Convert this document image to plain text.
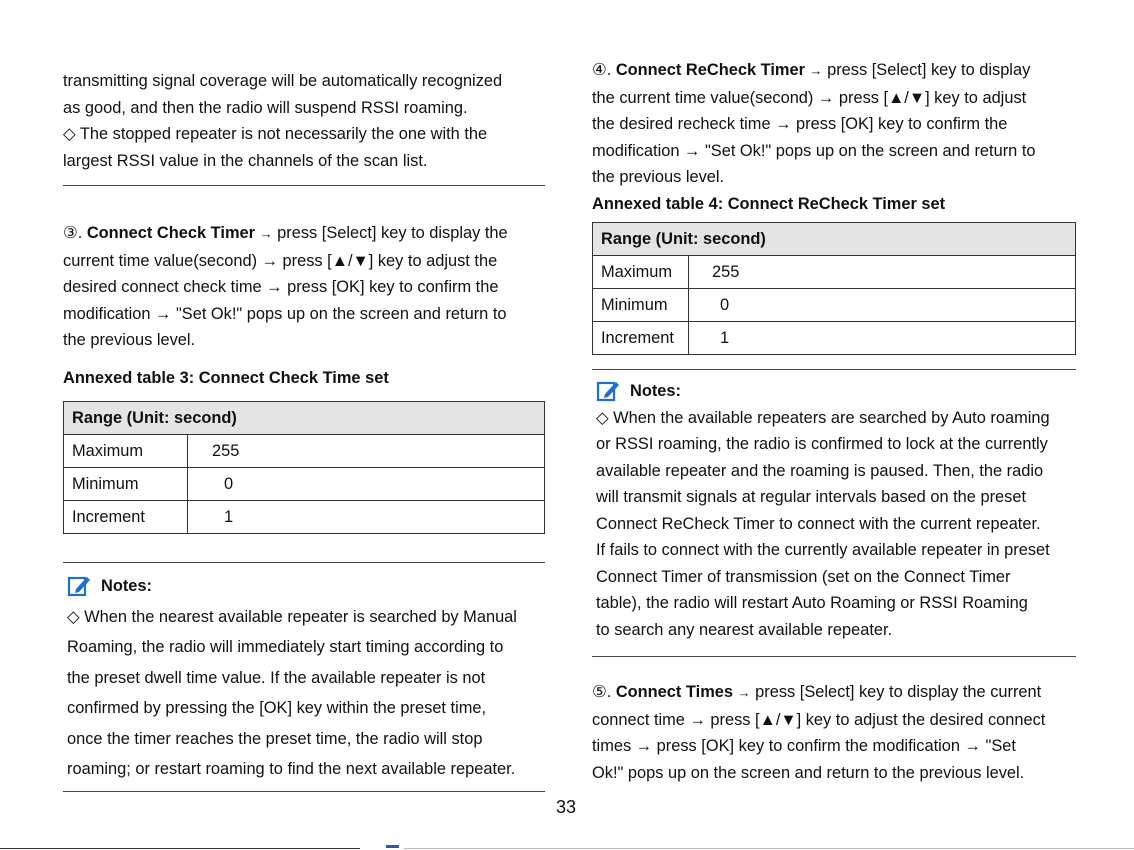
transmitting signal coverage will be automatically recognized
as good, and then the radio will suspend RSSI roaming.
◇ The stopped repeater is not necessarily the one with the
largest RSSI value in the channels of the scan list.
③. Connect Check Timer → press [Select] key to display the
current time value(second) → press [▲/▼] key to adjust the
desired connect check time → press [OK] key to confirm the
modification → "Set Ok!" pops up on the screen and return to
the previous level.
Annexed table 3: Connect Check Time set
Range (Unit: second)	
Maximum	255
Minimum	0
Increment	1
Notes:
◇ When the nearest available repeater is searched by Manual
Roaming, the radio will immediately start timing according to
the preset dwell time value. If the available repeater is not
confirmed by pressing the [OK] key within the preset time,
once the timer reaches the preset time, the radio will stop
roaming; or restart roaming to find the next available repeater.
④. Connect ReCheck Timer → press [Select] key to display
the current time value(second) → press [▲/▼] key to adjust
the desired recheck time → press [OK] key to confirm the
modification → "Set Ok!" pops up on the screen and return to
the previous level.
Annexed table 4: Connect ReCheck Timer set
Range (Unit: second)	
Maximum	255
Minimum	0
Increment	1
Notes:
◇ When the available repeaters are searched by Auto roaming
or RSSI roaming, the radio is confirmed to lock at the currently
available repeater and the roaming is paused. Then, the radio
will transmit signals at regular intervals based on the preset
Connect ReCheck Timer to connect with the current repeater.
If fails to connect with the currently available repeater in preset
Connect Timer of transmission (set on the Connect Timer
table), the radio will restart Auto Roaming or RSSI Roaming
to search any nearest available repeater.
⑤. Connect Times → press [Select] key to display the current
connect time → press [▲/▼] key to adjust the desired connect
times → press [OK] key to confirm the modification → "Set
Ok!" pops up on the screen and return to the previous level.
33
